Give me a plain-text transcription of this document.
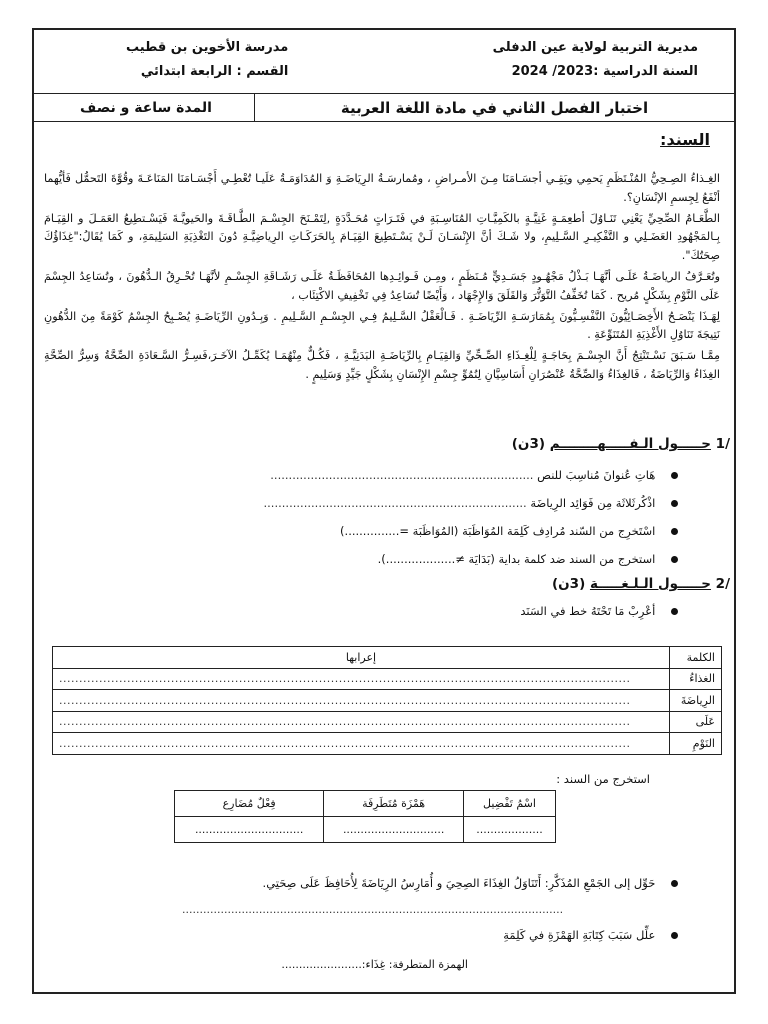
مديرية التربية لولاية عين الدفلى
السنة الدراسية :2023/ 2024
مدرسة الأخوين بن قطيب
القسم : الرابعة ابتدائي
اختبار الفصل الثاني في مادة اللغة العربية
المدة ساعة و نصف
السند:

الغِـذاءُ الصِـحِيُّ المُنْـتَظَمِ يَحمِي ويَقِـي أجسَـامَنَا مِـنَ الأمـراضِ ، ومُمارسَـةُ الرِيَاضَـةِ وَ المُدَاوَمَـةُ عَلَيـا تُعْطِـي أَجْسَـامَنَا المَنَاعَـةَ وقُوَّةَ التَحمُّل فَأيُّهما أنْفَعُ لِجِسمِ الإنْسَانِ؟.

الطَّعَـامُ الصِّحِيِّ يَعْنِي تَنَـاوُلَ أطعِمَـةٍ غَنِيَّـةٍ بالكَمِيَّـاتِ المُنَاسِـبَةِ في فَتَـرَاتٍ مُحَـدَّدَةٍ ,لِتَمْـنَحَ الجِسْـمَ الطَّـاقَـةَ والحَيويَّـةَ فَيَسْـتطِيعُ العَمَـلَ و القِيَـامَ بِـالمَجْهُودِ العَضَـلِي و التَّفْكِيـرِ السَّـلِيمِ، ولا شَـكَ أنَّ الإِنْسَـانَ لَـنْ يَسْـتَطِيعَ القِيَـامَ بِالحَرَكَـاتِ الرِياضِيَّـةِ دُونَ التَغْذِيَةِ السَلِيمَةِ، و كَمَا يُقَالُ:"غِذَاؤُكَ صِحَتُكَ".

وتُعَـرَّفُ الرياضَـةُ عَلَـى أنَّهَـا بَـذْلُ مَجْهُـودٍ جَسَـدِيٍّ مُـنَظَمٍ ، ومِـن فَـوائِـدِها المُحَافَظَـةُ عَلَـى رَشَـاقَةِ الجِسْـمِ لأنَّهَـا تُحْـرِقُ الـدُّهُونَ ، وتُسَاعِدُ الجِسْمَ عَلَى النَّوْمِ بِشَكْلٍ مُريح . كَمَا تُخَفِّفُ التَّوَتُّرَ وَالقَلَقَ وَالإِجْهَاد ، وَأَيْضًا تُسَاعِدُ فِي تَخْفِيفِ الاكْتِئَاب ،

لِهَـذَا يَنْصَـحُ الأَخِصَـائِيُّونَ النَّفْسِـيُّونَ بِمُمَارَسَـةِ الرِّيَاضَـةِ . فَـالْعَقْلُ السَّـلِيمُ فِـي الجِسْـمِ السَّـلِيمِ . وَبِـدُونِ الرِّيَاضَـةِ يُصْـبِحُ الجِسْمُ كَوْمَةً مِنَ الدُّهُونِ نَتِيجَةَ تَنَاوُلِ الأَغْذِيَةِ المُتَنَوِّعَةِ .

مِمَّـا سَـبَقَ نَسْـتَنْتِجُ أَنَّ الجِسْـمَ بِحَاجَـةٍ لِلْغِـذَاءِ الصِّـحِّيِّ وَالقِيَـامِ بِالرِّيَاضَـةِ البَدَنِيَّـةِ ، فَكُـلٌّ مِنْهُمَـا يُكَمِّـلُ الآخَـرَ،فَسِـرُّ السَّـعَادَةِ الصِّحَّةُ وَسِرُّ الصِّحَّةِ الغِذَاءُ وَالرِّيَاضَةُ ، فَالغِذَاءُ وَالصِّحَّةُ عُنْصُرَانِ أَسَاسِيَّانِ لِنُمُوِّ جِسْمِ الإِنْسَانِ بِشَكْلٍ جَيِّدٍ وَسَلِيمٍ .

/1 حـــــول الـفـــــهــــــــم (3ن)
هَاتِ عُنوانَ مُناسِبَ للنص ........................................................................
اذْكُرثَلاثَة مِن فَوَائِد الرِياضَة ........................................................................
اسْتَخرِج من السّند مُرادِف كَلِمَة المُوَاظَبَة (المُوَاظَبَة =...............)
استخرج من السند ضد كلمة بداية (بَدَايَة ≠...................).
/2 حـــــول الـلـغـــــة (3ن)
أعْرِبْ مَا تَحْتَهُ خط في السَنَد
الكلمة	إعرابها
الغذاءُ	...............................................................................................................................................
الرِياضَةَ	...............................................................................................................................................
عَلَى	...............................................................................................................................................
النَوْمِ	...............................................................................................................................................
استخرج من السند :
اسْمُ تَفْضِيل	هَمْزَة مُتَطَرِفَة	فِعْلٌ مُضَارِع
...................	.............................	...............................
حَوِّل إلى الجَمْعِ المُذَكَّرِ: أَتَنَاوَلُ الغِذَاءَ الصِحِيَ و أُمَارِسُ الرِيَاضَةَ لِأُحَافِظَ عَلَى صِحَتِي.
.............................................................................................................
علِّل سَبَبَ كِتَابَةِ الهَمْزَةِ في كَلِمَةِ
الهمزة المتطرفة: غِذَاء:.......................
